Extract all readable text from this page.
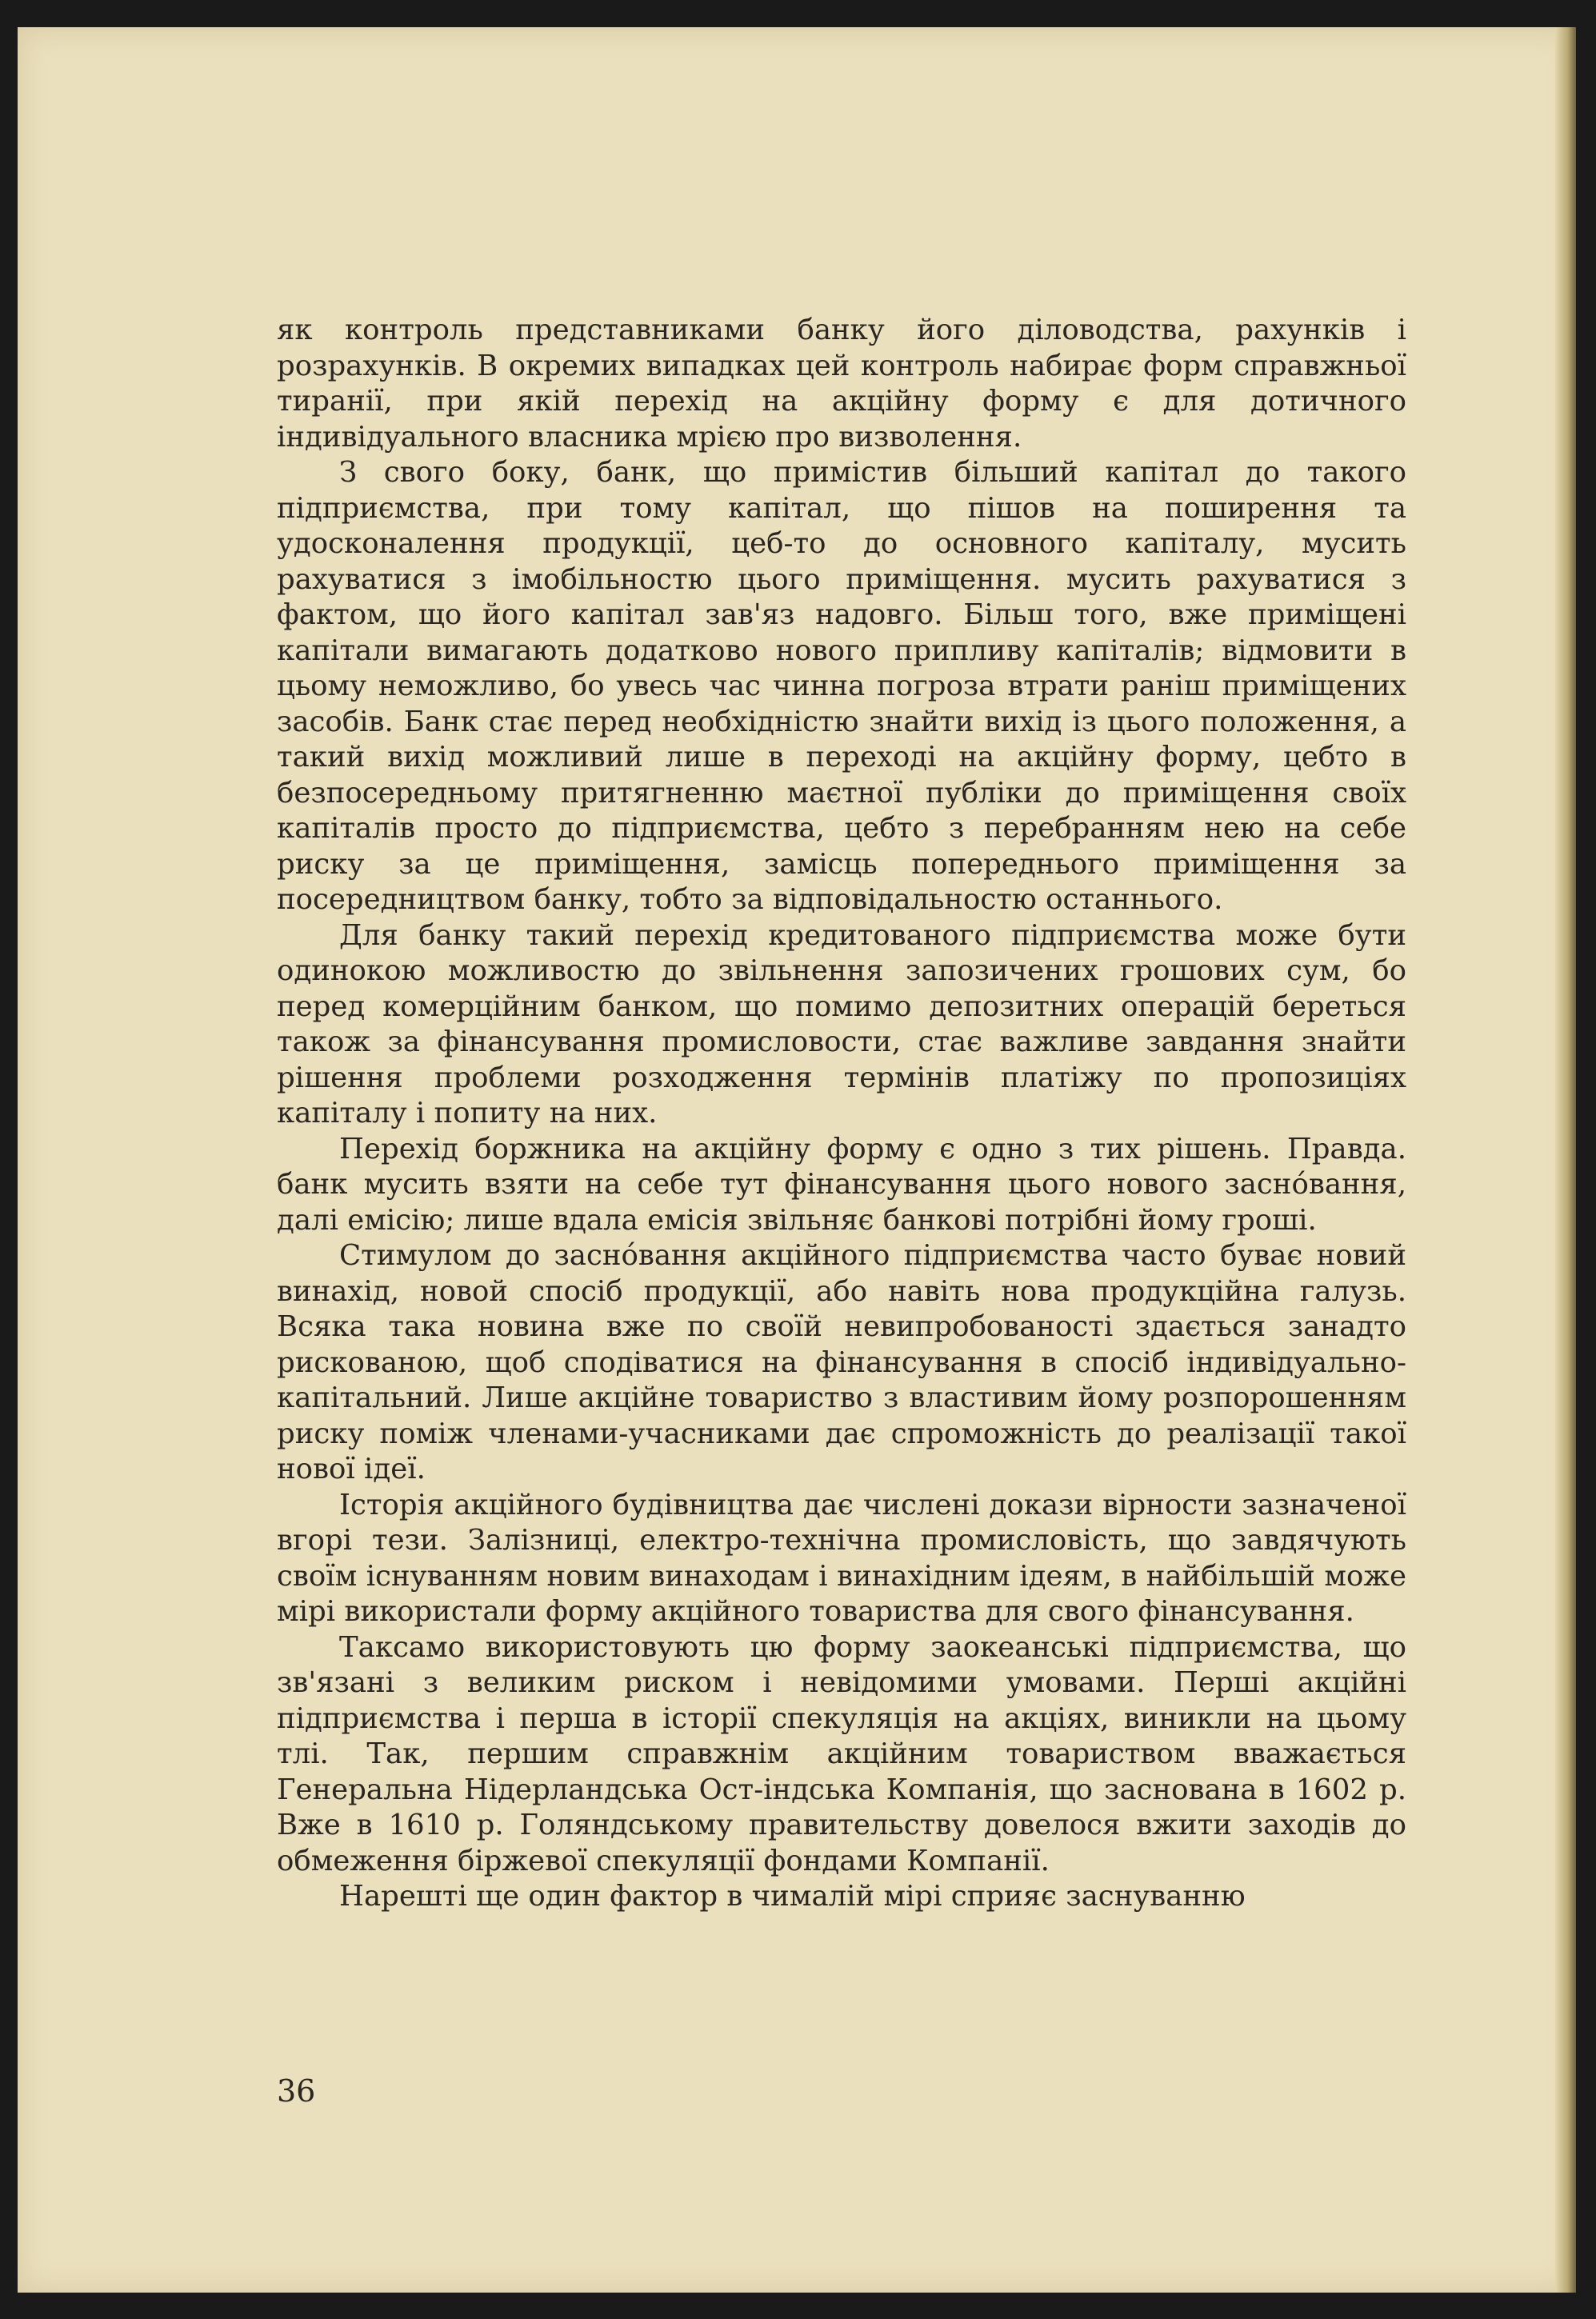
як контроль представниками банку його діловодства, рахунків і розрахунків. В окремих випадках цей контроль набирає форм справжньої тиранії, при якій перехід на акційну форму є для дотичного індивідуального власника мрією про визволення.

З свого боку, банк, що примістив більший капітал до такого підприємства, при тому капітал, що пішов на поширення та удосконалення продукції, цеб-то до основного капіталу, мусить рахуватися з імобільностю цього приміщення. мусить рахуватися з фактом, що його капітал зав'яз надовго. Більш того, вже приміщені капітали вимагають додатково нового припливу капіталів; відмовити в цьому неможливо, бо увесь час чинна погроза втрати раніш приміщених засобів. Банк стає перед необхідністю знайти вихід із цього положення, а такий вихід можливий лише в переході на акційну форму, цебто в безпосередньому притягненню маєтної публіки до приміщення своїх капіталів просто до підприємства, цебто з перебранням нею на себе риску за це приміщення, замісць попереднього приміщення за посередництвом банку, тобто за відповідальностю останнього.

Для банку такий перехід кредитованого підприємства може бути одинокою можливостю до звільнення запозичених грошових сум, бо перед комерційним банком, що помимо депозитних операцій береться також за фінансування промисловости, стає важливе завдання знайти рішення проблеми розходження термінів платіжу по пропозиціях капіталу і попиту на них.

Перехід боржника на акційну форму є одно з тих рішень. Правда. банк мусить взяти на себе тут фінансування цього нового засно́вання, далі емісію; лише вдала емісія звільняє банкові потрібні йому гроші.

Стимулом до засно́вання акційного підприємства часто буває новий винахід, новой спосіб продукції, або навіть нова продукційна галузь. Всяка така новина вже по своїй невипробованості здається занадто рискованою, щоб сподіватися на фінансування в спосіб індивідуально-капітальний. Лише акційне товариство з властивим йому розпорошенням риску поміж членами-учасниками дає спроможність до реалізації такої нової ідеї.

Історія акційного будівництва дає числені докази вірности зазначеної вгорі тези. Залізниці, електро-технічна промисловість, що завдячують своїм існуванням новим винаходам і винахідним ідеям, в найбільшій може мірі використали форму акційного товариства для свого фінансування.

Таксамо використовують цю форму заокеанські підприємства, що зв'язані з великим риском і невідомими умовами. Перші акційні підприємства і перша в історії спекуляція на акціях, виникли на цьому тлі. Так, першим справжнім акційним товариством вважається Генеральна Нідерландська Ост-індська Компанія, що заснована в 1602 р. Вже в 1610 р. Голяндському правительству довелося вжити заходів до обмеження біржевої спекуляції фондами Компанії.

Нарешті ще один фактор в чималій мірі сприяє заснуванню

36
